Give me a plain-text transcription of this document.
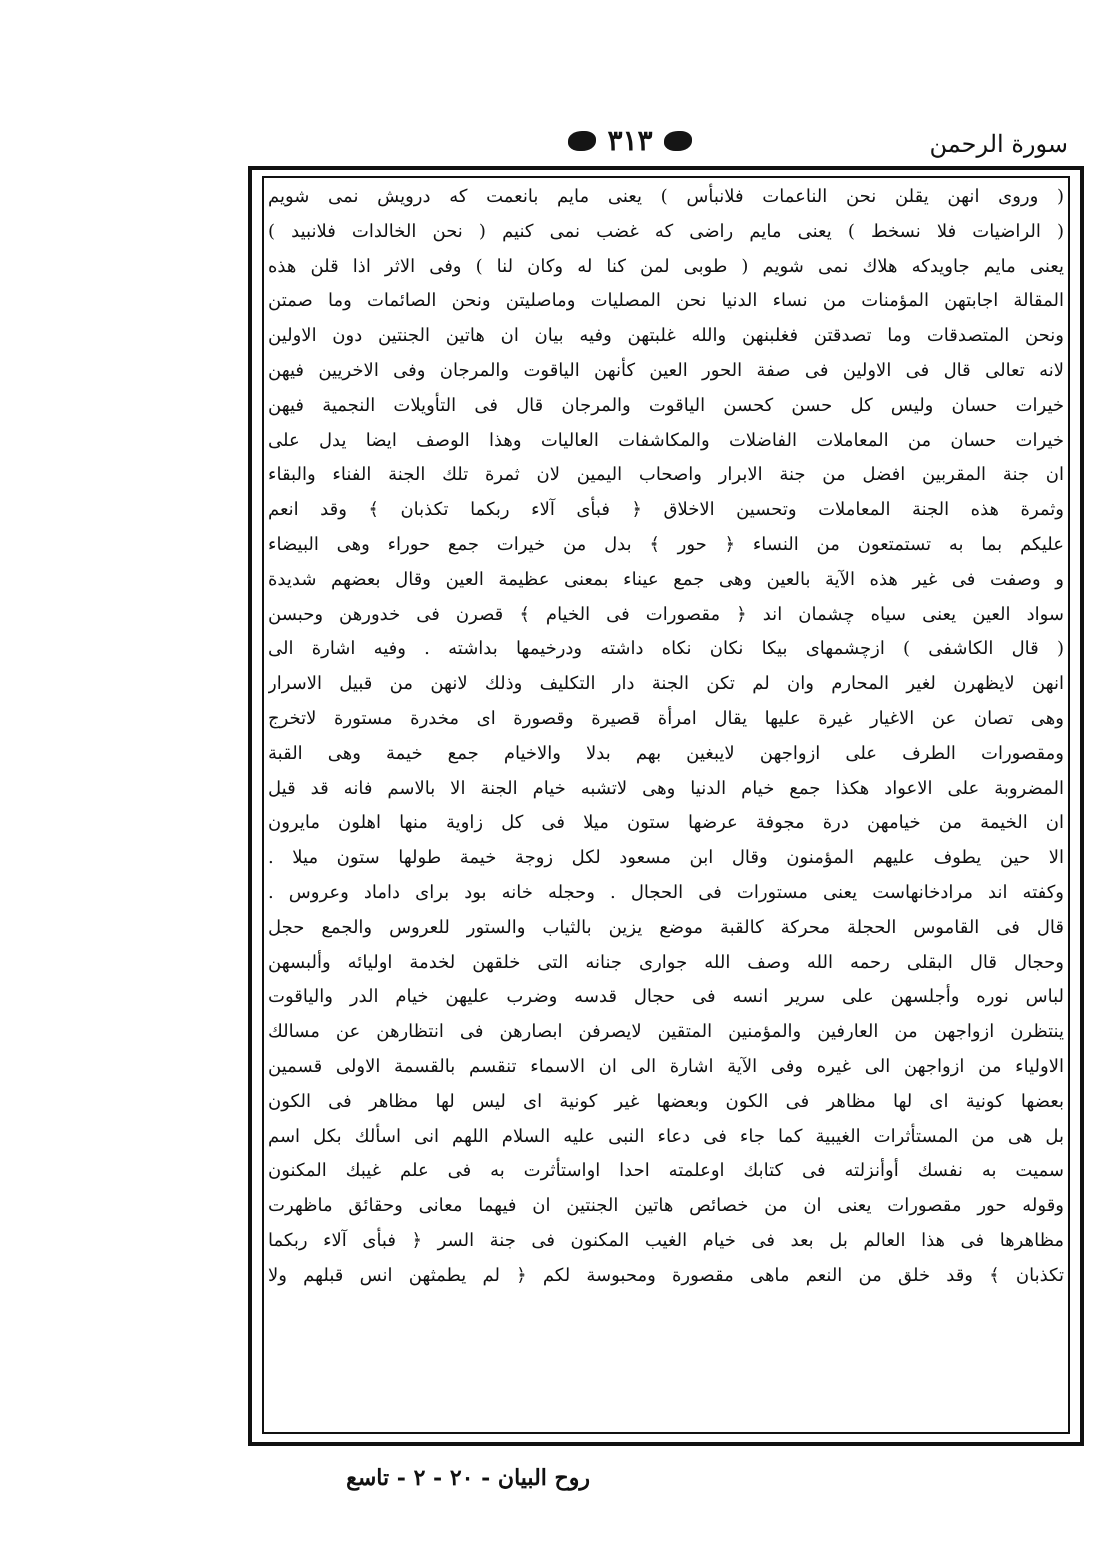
٣١٣	سورة الرحمن
( وروى انهن يقلن نحن الناعمات فلانبأس ) يعنى مايم بانعمت كه درويش نمى شويم
( الراضيات فلا نسخط ) يعنى مايم راضى كه غضب نمى كنيم ( نحن الخالدات فلانبيد )
يعنى مايم جاويدكه هلاك نمى شويم ( طوبى لمن كنا له وكان لنا ) وفى الاثر اذا قلن هذه
المقالة اجابتهن المؤمنات من نساء الدنيا نحن المصليات وماصليتن ونحن الصائمات وما صمتن
ونحن المتصدقات وما تصدقتن فغلبنهن والله غلبتهن وفيه بيان ان هاتين الجنتين دون الاولين
لانه تعالى قال فى الاولين فى صفة الحور العين كأنهن الياقوت والمرجان وفى الاخريين فيهن
خيرات حسان وليس كل حسن كحسن الياقوت والمرجان قال فى التأويلات النجمية فيهن
خيرات حسان من المعاملات الفاضلات والمكاشفات العاليات وهذا الوصف ايضا يدل على
ان جنة المقربين افضل من جنة الابرار واصحاب اليمين لان ثمرة تلك الجنة الفناء والبقاء
وثمرة هذه الجنة المعاملات وتحسين الاخلاق ﴿ فبأى آلاء ربكما تكذبان ﴾ وقد انعم
عليكم بما به تستمتعون من النساء ﴿ حور ﴾ بدل من خيرات جمع حوراء وهى البيضاء
و وصفت فى غير هذه الآية بالعين وهى جمع عيناء بمعنى عظيمة العين وقال بعضهم شديدة
سواد العين يعنى سياه چشمان اند ﴿ مقصورات فى الخيام ﴾ قصرن فى خدورهن وحبسن
( قال الكاشفى ) ازچشمهاى بيكا نكان نكاه داشته ودرخيمها بداشته . وفيه اشارة الى
انهن لايظهرن لغير المحارم وان لم تكن الجنة دار التكليف وذلك لانهن من قبيل الاسرار
وهى تصان عن الاغيار غيرة عليها يقال امرأة قصيرة وقصورة اى مخدرة مستورة لاتخرج
ومقصورات الطرف على ازواجهن لايبغين بهم بدلا والاخيام جمع خيمة وهى القبة
المضروبة على الاعواد هكذا جمع خيام الدنيا وهى لاتشبه خيام الجنة الا بالاسم فانه قد قيل
ان الخيمة من خيامهن درة مجوفة عرضها ستون ميلا فى كل زاوية منها اهلون مايرون
الا حين يطوف عليهم المؤمنون وقال ابن مسعود لكل زوجة خيمة طولها ستون ميلا .
وكفته اند مرادخانهاست يعنى مستورات فى الحجال . وحجله خانه بود براى داماد وعروس .
قال فى القاموس الحجلة محركة كالقبة موضع يزين بالثياب والستور للعروس والجمع حجل
وحجال قال البقلى رحمه الله وصف الله جوارى جنانه التى خلقهن لخدمة اوليائه وألبسهن
لباس نوره وأجلسهن على سرير انسه فى حجال قدسه وضرب عليهن خيام الدر والياقوت
ينتظرن ازواجهن من العارفين والمؤمنين المتقين لايصرفن ابصارهن فى انتظارهن عن مسالك
الاولياء من ازواجهن الى غيره وفى الآية اشارة الى ان الاسماء تنقسم بالقسمة الاولى قسمين
بعضها كونية اى لها مظاهر فى الكون وبعضها غير كونية اى ليس لها مظاهر فى الكون
بل هى من المستأثرات الغيبية كما جاء فى دعاء النبى عليه السلام اللهم انى اسألك بكل اسم
سميت به نفسك أوأنزلته فى كتابك اوعلمته احدا اواستأثرت به فى علم غيبك المكنون
وقوله حور مقصورات يعنى ان من خصائص هاتين الجنتين ان فيهما معانى وحقائق ماظهرت
مظاهرها فى هذا العالم بل بعد فى خيام الغيب المكنون فى جنة السر ﴿ فبأى آلاء ربكما
تكذبان ﴾ وقد خلق من النعم ماهى مقصورة ومحبوسة لكم ﴿ لم يطمثهن انس قبلهم ولا
روح البيان - ٢٠ - ٢ - تاسع
